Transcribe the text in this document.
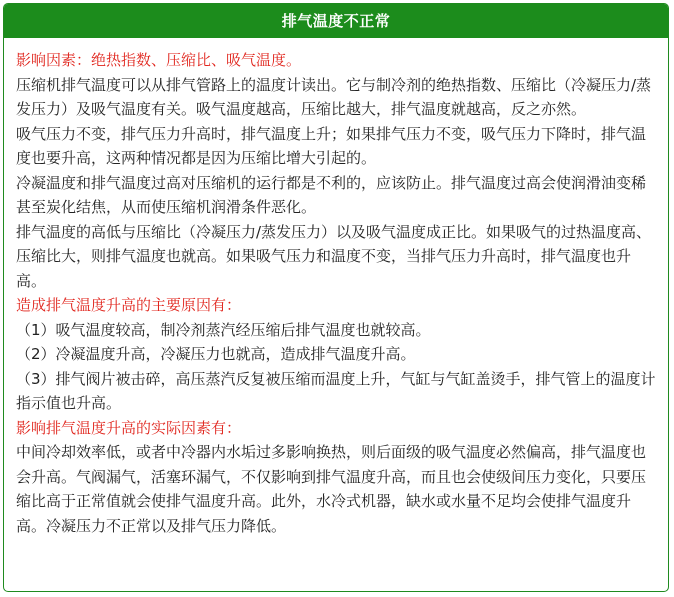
排气温度不正常

影响因素：绝热指数、压缩比、吸气温度。

压缩机排气温度可以从排气管路上的温度计读出。它与制冷剂的绝热指数、压缩比（冷凝压力/蒸发压力）及吸气温度有关。吸气温度越高，压缩比越大，排气温度就越高，反之亦然。

吸气压力不变，排气压力升高时，排气温度上升；如果排气压力不变，吸气压力下降时，排气温度也要升高，这两种情况都是因为压缩比增大引起的。

冷凝温度和排气温度过高对压缩机的运行都是不利的，应该防止。排气温度过高会使润滑油变稀甚至炭化结焦，从而使压缩机润滑条件恶化。

排气温度的高低与压缩比（冷凝压力/蒸发压力）以及吸气温度成正比。如果吸气的过热温度高、压缩比大，则排气温度也就高。如果吸气压力和温度不变，当排气压力升高时，排气温度也升高。

造成排气温度升高的主要原因有：

（1）吸气温度较高，制冷剂蒸汽经压缩后排气温度也就较高。

（2）冷凝温度升高，冷凝压力也就高，造成排气温度升高。

（3）排气阀片被击碎，高压蒸汽反复被压缩而温度上升，气缸与气缸盖烫手，排气管上的温度计指示值也升高。

影响排气温度升高的实际因素有：

中间冷却效率低，或者中冷器内水垢过多影响换热，则后面级的吸气温度必然偏高，排气温度也会升高。气阀漏气，活塞环漏气，不仅影响到排气温度升高，而且也会使级间压力变化，只要压缩比高于正常值就会使排气温度升高。此外，水冷式机器，缺水或水量不足均会使排气温度升高。冷凝压力不正常以及排气压力降低。
